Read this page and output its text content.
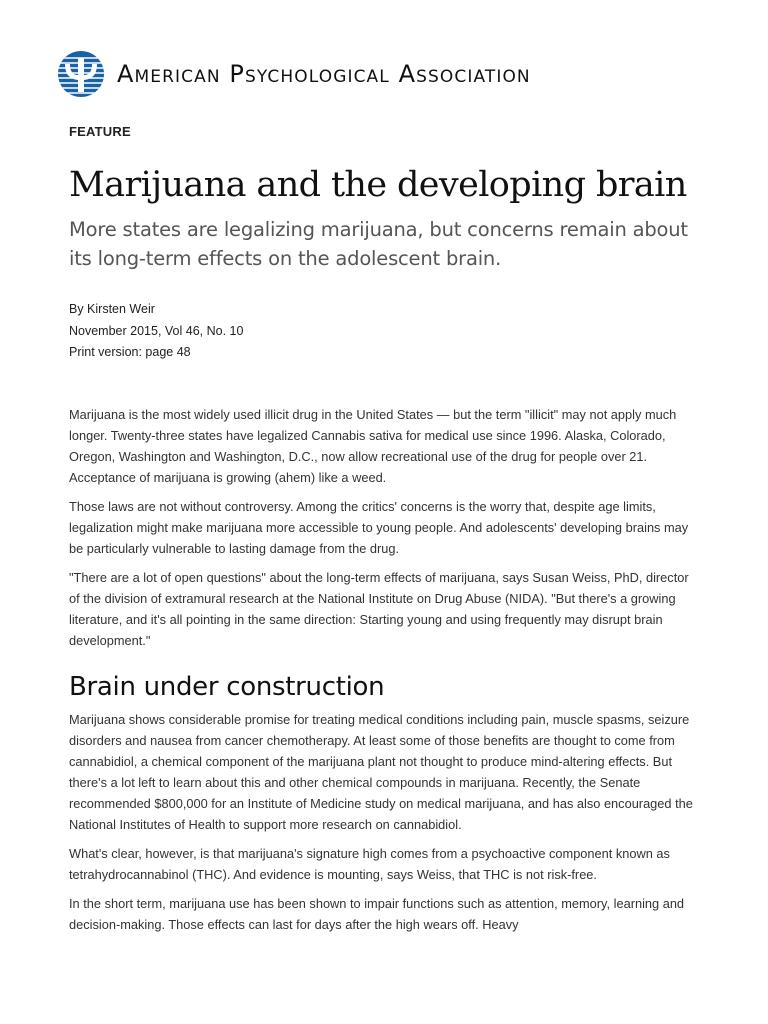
American Psychological Association
FEATURE
Marijuana and the developing brain
More states are legalizing marijuana, but concerns remain about its long-term effects on the adolescent brain.

By Kirsten Weir

November 2015, Vol 46, No. 10

Print version: page 48

Marijuana is the most widely used illicit drug in the United States — but the term "illicit" may not apply much longer. Twenty-three states have legalized Cannabis sativa for medical use since 1996. Alaska, Colorado, Oregon, Washington and Washington, D.C., now allow recreational use of the drug for people over 21. Acceptance of marijuana is growing (ahem) like a weed.

Those laws are not without controversy. Among the critics' concerns is the worry that, despite age limits, legalization might make marijuana more accessible to young people. And adolescents' developing brains may be particularly vulnerable to lasting damage from the drug.

"There are a lot of open questions" about the long-term effects of marijuana, says Susan Weiss, PhD, director of the division of extramural research at the National Institute on Drug Abuse (NIDA). "But there's a growing literature, and it's all pointing in the same direction: Starting young and using frequently may disrupt brain development."

Brain under construction

Marijuana shows considerable promise for treating medical conditions including pain, muscle spasms, seizure disorders and nausea from cancer chemotherapy. At least some of those benefits are thought to come from cannabidiol, a chemical component of the marijuana plant not thought to produce mind-altering effects. But there's a lot left to learn about this and other chemical compounds in marijuana. Recently, the Senate recommended $800,000 for an Institute of Medicine study on medical marijuana, and has also encouraged the National Institutes of Health to support more research on cannabidiol.

What's clear, however, is that marijuana's signature high comes from a psychoactive component known as tetrahydrocannabinol (THC). And evidence is mounting, says Weiss, that THC is not risk-free.

In the short term, marijuana use has been shown to impair functions such as attention, memory, learning and decision-making. Those effects can last for days after the high wears off. Heavy
